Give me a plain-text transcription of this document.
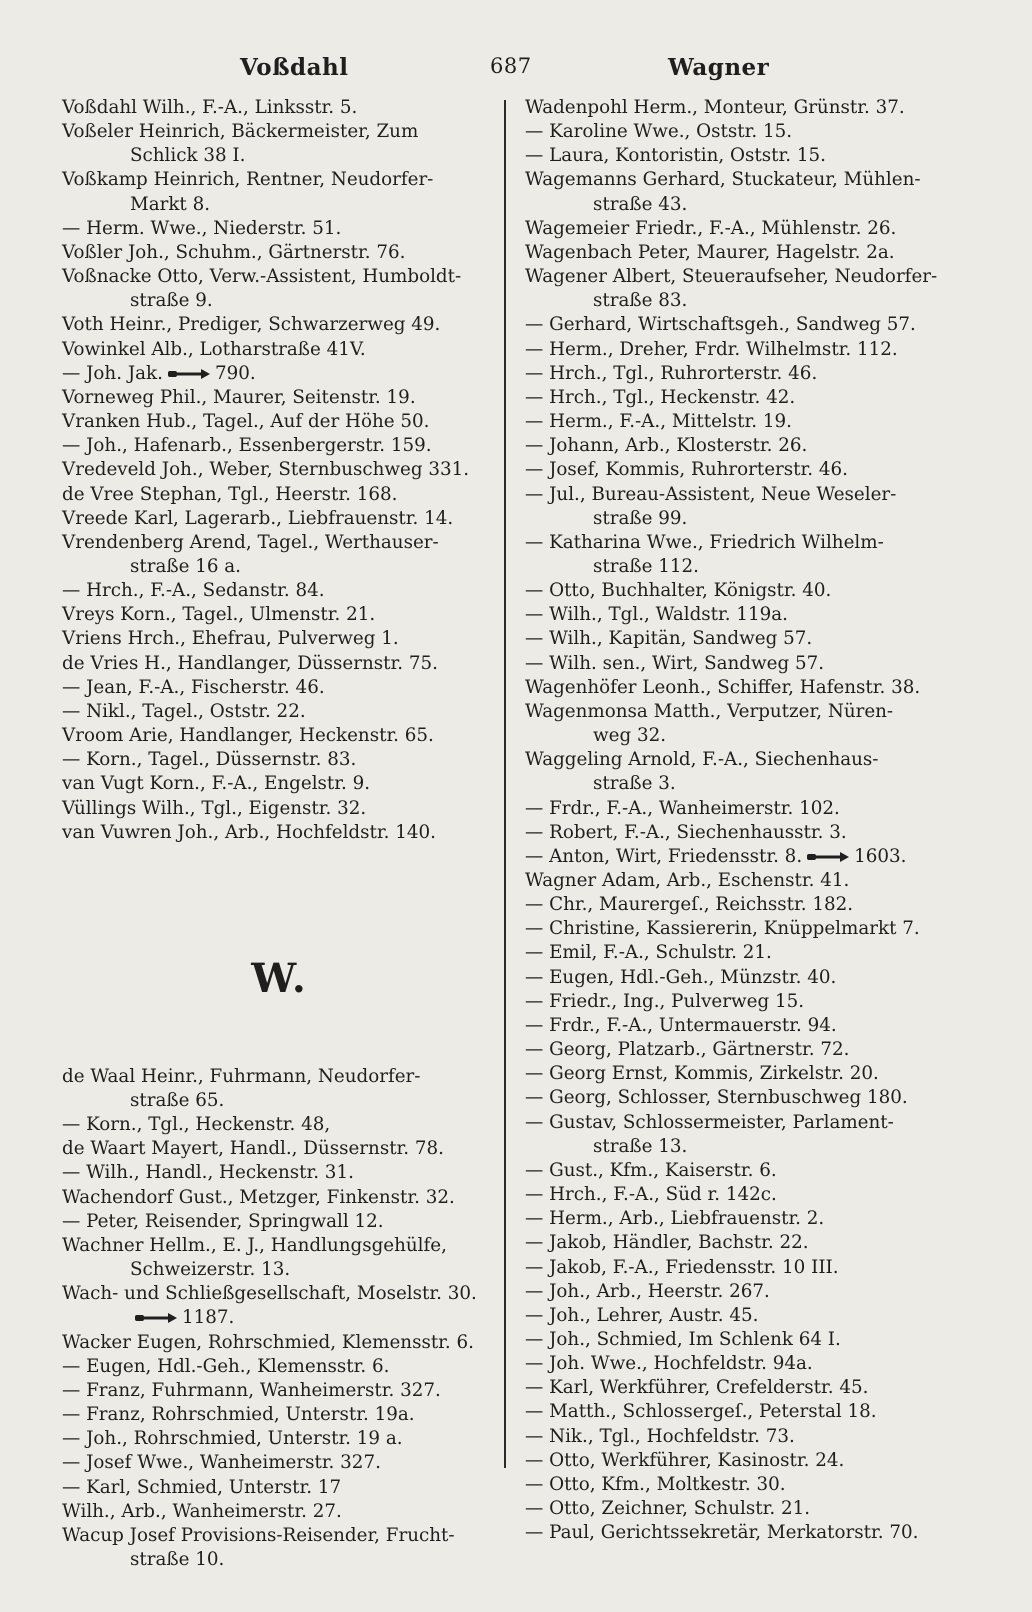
Voßdahl	687	Wagner
Voßdahl Wilh., F.-A., Linksstr. 5.
Voßeler Heinrich, Bäckermeister, Zum
Schlick 38 I.
Voßkamp Heinrich, Rentner, Neudorfer-
Markt 8.
— Herm. Wwe., Niederstr. 51.
Voßler Joh., Schuhm., Gärtnerstr. 76.
Voßnacke Otto, Verw.-Assistent, Humboldt-
straße 9.
Voth Heinr., Prediger, Schwarzerweg 49.
Vowinkel Alb., Lotharstraße 41V.
— Joh. Jak.	790.
Vorneweg Phil., Maurer, Seitenstr. 19.
Vranken Hub., Tagel., Auf der Höhe 50.
— Joh., Hafenarb., Essenbergerstr. 159.
Vredeveld Joh., Weber, Sternbuschweg 331.
de Vree Stephan, Tgl., Heerstr. 168.
Vreede Karl, Lagerarb., Liebfrauenstr. 14.
Vrendenberg Arend, Tagel., Werthauser-
straße 16 a.
— Hrch., F.-A., Sedanstr. 84.
Vreys Korn., Tagel., Ulmenstr. 21.
Vriens Hrch., Ehefrau, Pulverweg 1.
de Vries H., Handlanger, Düssernstr. 75.
— Jean, F.-A., Fischerstr. 46.
— Nikl., Tagel., Oststr. 22.
Vroom Arie, Handlanger, Heckenstr. 65.
— Korn., Tagel., Düssernstr. 83.
van Vugt Korn., F.-A., Engelstr. 9.
Vüllings Wilh., Tgl., Eigenstr. 32.
van Vuwren Joh., Arb., Hochfeldstr. 140.
W.
de Waal Heinr., Fuhrmann, Neudorfer-
straße 65.
— Korn., Tgl., Heckenstr. 48,
de Waart Mayert, Handl., Düssernstr. 78.
— Wilh., Handl., Heckenstr. 31.
Wachendorf Gust., Metzger, Finkenstr. 32.
— Peter, Reisender, Springwall 12.
Wachner Hellm., E. J., Handlungsgehülfe,
Schweizerstr. 13.
Wach- und Schließgesellschaft, Moselstr. 30.
1187.
Wacker Eugen, Rohrschmied, Klemensstr. 6.
— Eugen, Hdl.-Geh., Klemensstr. 6.
— Franz, Fuhrmann, Wanheimerstr. 327.
— Franz, Rohrschmied, Unterstr. 19a.
— Joh., Rohrschmied, Unterstr. 19 a.
— Josef Wwe., Wanheimerstr. 327.
— Karl, Schmied, Unterstr. 17
Wilh., Arb., Wanheimerstr. 27.
Wacup Josef Provisions-Reisender, Frucht-
straße 10.
Wadenpohl Herm., Monteur, Grünstr. 37.
— Karoline Wwe., Oststr. 15.
— Laura, Kontoristin, Oststr. 15.
Wagemanns Gerhard, Stuckateur, Mühlen-
straße 43.
Wagemeier Friedr., F.-A., Mühlenstr. 26.
Wagenbach Peter, Maurer, Hagelstr. 2a.
Wagener Albert, Steueraufseher, Neudorfer-
straße 83.
— Gerhard, Wirtschaftsgeh., Sandweg 57.
— Herm., Dreher, Frdr. Wilhelmstr. 112.
— Hrch., Tgl., Ruhrorterstr. 46.
— Hrch., Tgl., Heckenstr. 42.
— Herm., F.-A., Mittelstr. 19.
— Johann, Arb., Klosterstr. 26.
— Josef, Kommis, Ruhrorterstr. 46.
— Jul., Bureau-Assistent, Neue Weseler-
straße 99.
— Katharina Wwe., Friedrich Wilhelm-
straße 112.
— Otto, Buchhalter, Königstr. 40.
— Wilh., Tgl., Waldstr. 119a.
— Wilh., Kapitän, Sandweg 57.
— Wilh. sen., Wirt, Sandweg 57.
Wagenhöfer Leonh., Schiffer, Hafenstr. 38.
Wagenmonsa Matth., Verputzer, Nüren-
weg 32.
Waggeling Arnold, F.-A., Siechenhaus-
straße 3.
— Frdr., F.-A., Wanheimerstr. 102.
— Robert, F.-A., Siechenhausstr. 3.
— Anton, Wirt, Friedensstr. 8.	1603.
Wagner Adam, Arb., Eschenstr. 41.
— Chr., Maurergeſ., Reichsstr. 182.
— Christine, Kassiererin, Knüppelmarkt 7.
— Emil, F.-A., Schulstr. 21.
— Eugen, Hdl.-Geh., Münzstr. 40.
— Friedr., Ing., Pulverweg 15.
— Frdr., F.-A., Untermauerstr. 94.
— Georg, Platzarb., Gärtnerstr. 72.
— Georg Ernst, Kommis, Zirkelstr. 20.
— Georg, Schlosser, Sternbuschweg 180.
— Gustav, Schlossermeister, Parlament-
straße 13.
— Gust., Kfm., Kaiserstr. 6.
— Hrch., F.-A., Süd r. 142c.
— Herm., Arb., Liebfrauenstr. 2.
— Jakob, Händler, Bachstr. 22.
— Jakob, F.-A., Friedensstr. 10 III.
— Joh., Arb., Heerstr. 267.
— Joh., Lehrer, Austr. 45.
— Joh., Schmied, Im Schlenk 64 I.
— Joh. Wwe., Hochfeldstr. 94a.
— Karl, Werkführer, Crefelderstr. 45.
— Matth., Schlossergeſ., Peterstal 18.
— Nik., Tgl., Hochfeldstr. 73.
— Otto, Werkführer, Kasinostr. 24.
— Otto, Kfm., Moltkestr. 30.
— Otto, Zeichner, Schulstr. 21.
— Paul, Gerichtssekretär, Merkatorstr. 70.
